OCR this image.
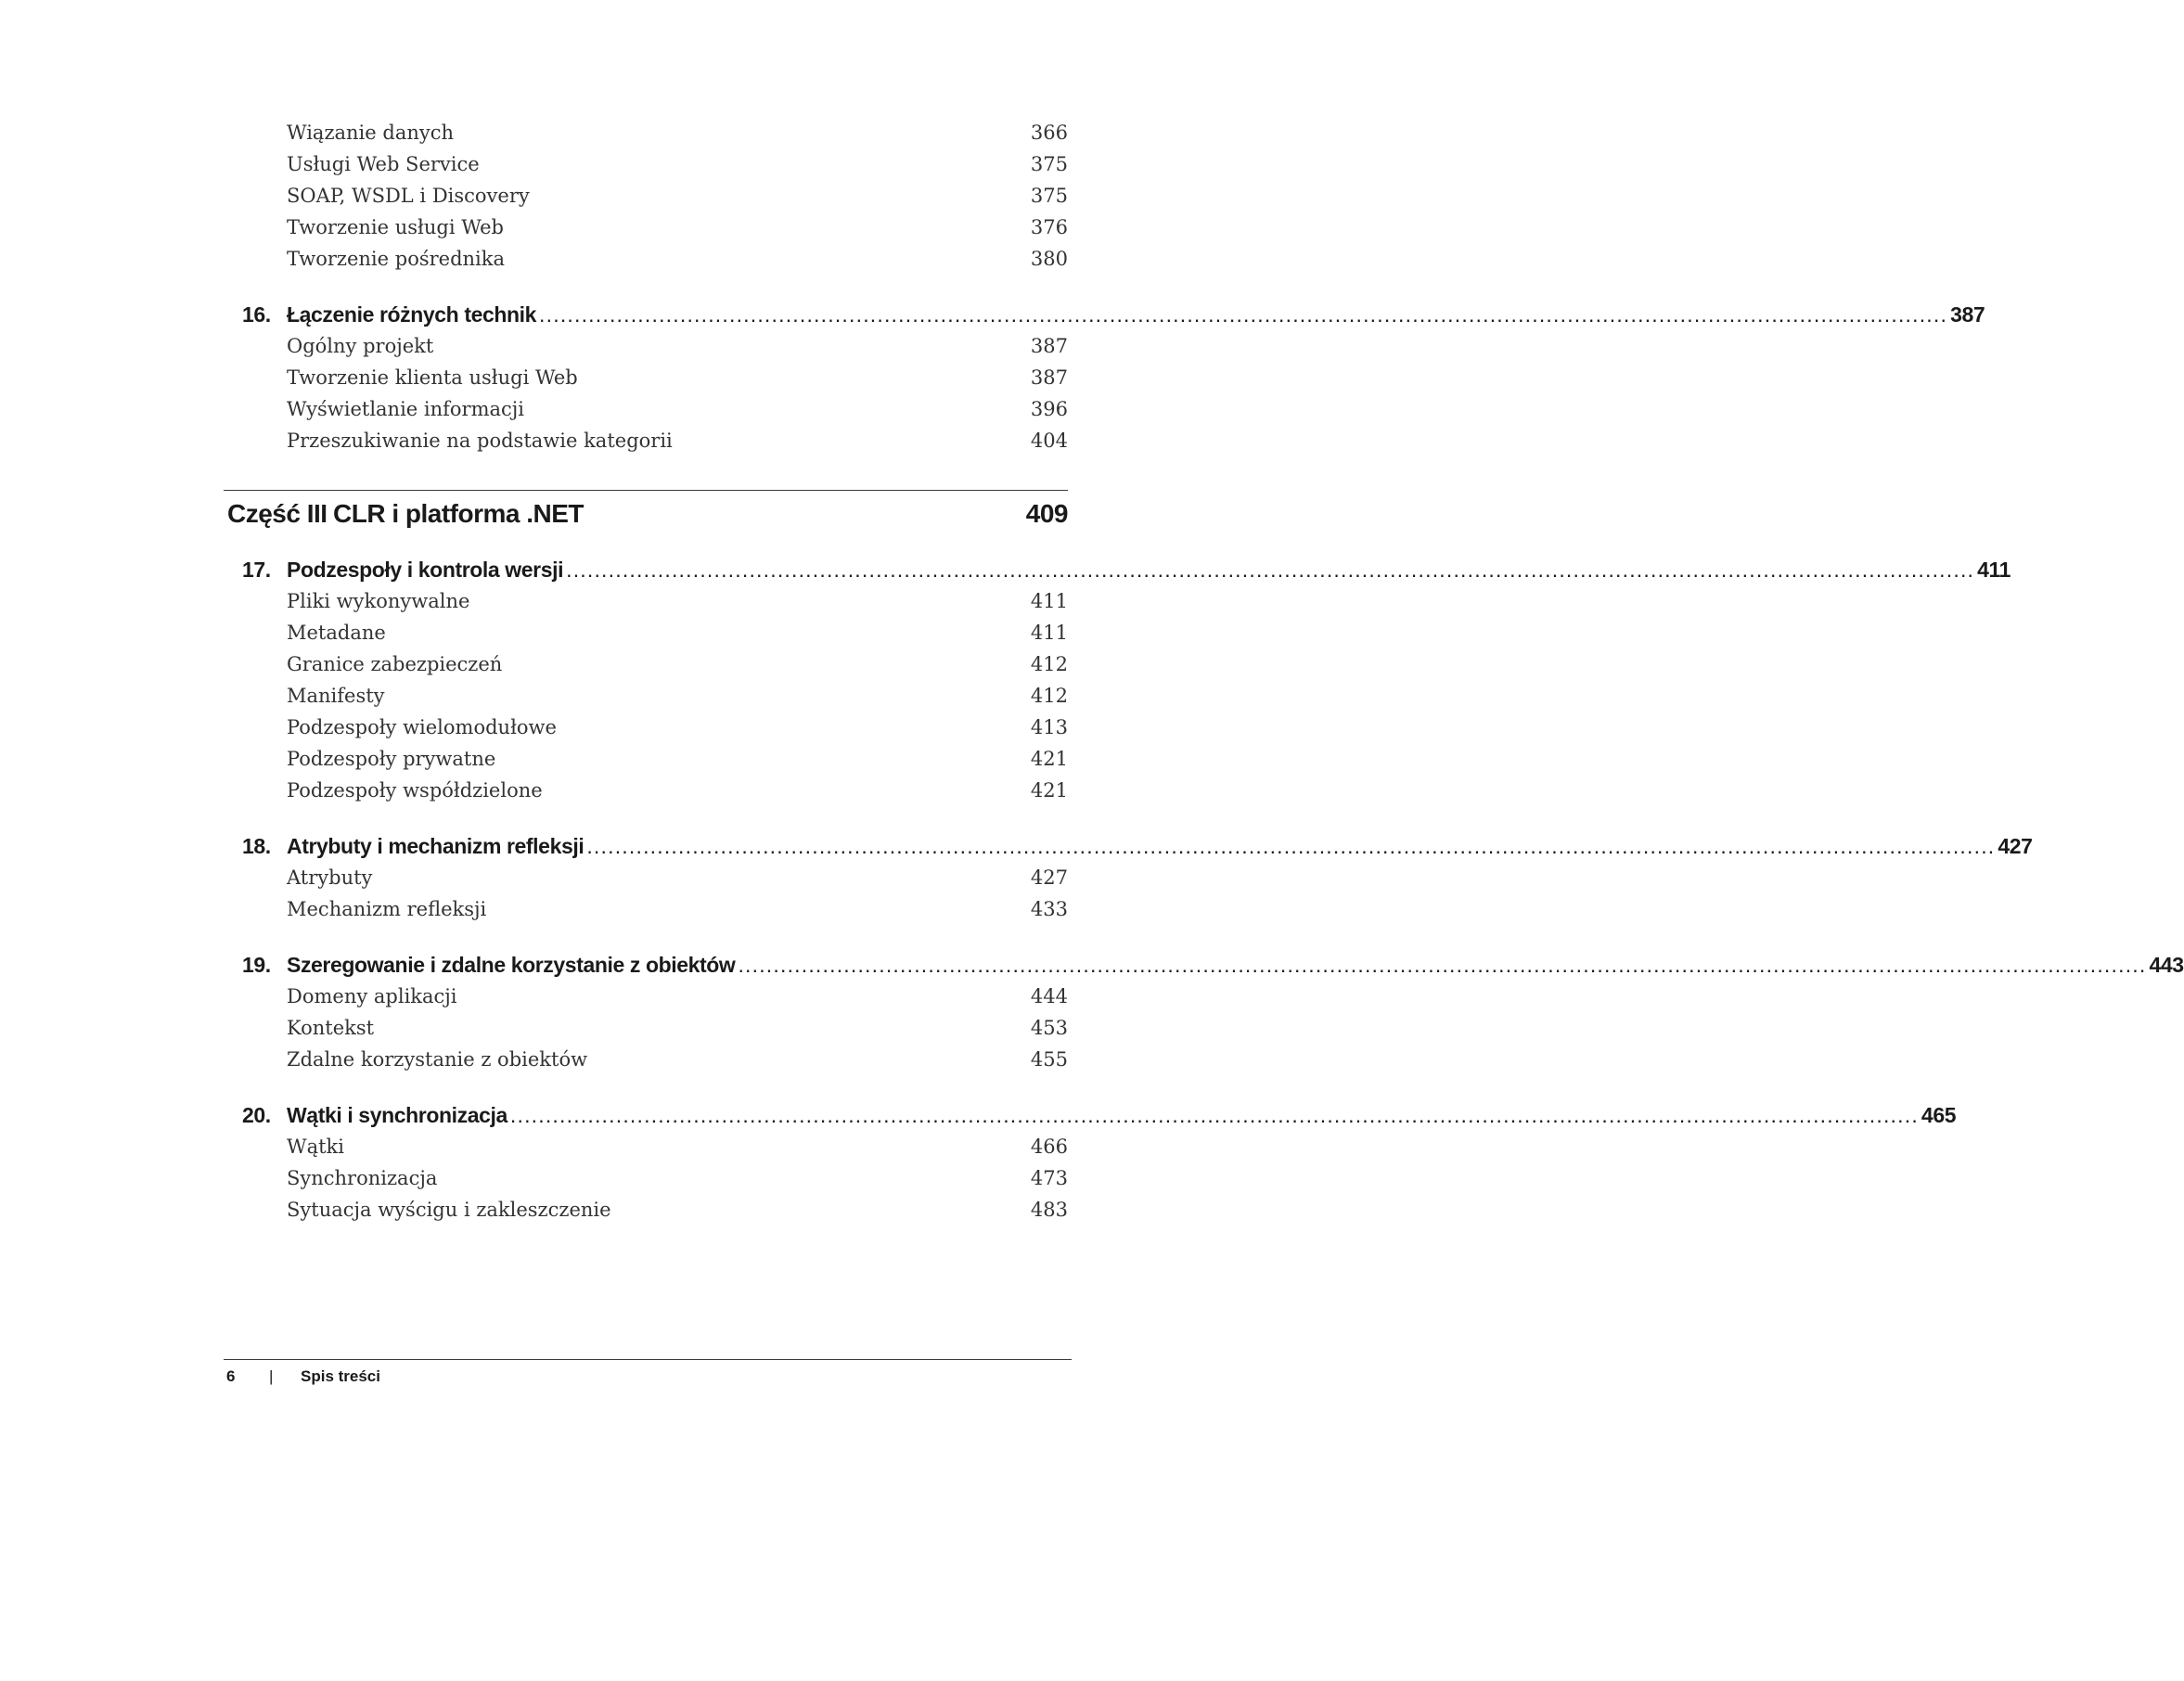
Wiązanie danych	366
Usługi Web Service	375
SOAP, WSDL i Discovery	375
Tworzenie usługi Web	376
Tworzenie pośrednika	380
16. Łączenie różnych technik ........................................................................................................................................................................................................ 387
Ogólny projekt	387
Tworzenie klienta usługi Web	387
Wyświetlanie informacji	396
Przeszukiwanie na podstawie kategorii	404
Część III CLR i platforma .NET	409
17. Podzespoły i kontrola wersji ........................................................................................................................................................................................................ 411
Pliki wykonywalne	411
Metadane	411
Granice zabezpieczeń	412
Manifesty	412
Podzespoły wielomodułowe	413
Podzespoły prywatne	421
Podzespoły współdzielone	421
18. Atrybuty i mechanizm refleksji ........................................................................................................................................................................................................ 427
Atrybuty	427
Mechanizm refleksji	433
19. Szeregowanie i zdalne korzystanie z obiektów ........................................................................................................................................................................................................ 443
Domeny aplikacji	444
Kontekst	453
Zdalne korzystanie z obiektów	455
20. Wątki i synchronizacja ........................................................................................................................................................................................................ 465
Wątki	466
Synchronizacja	473
Sytuacja wyścigu i zakleszczenie	483
6 | Spis treści
